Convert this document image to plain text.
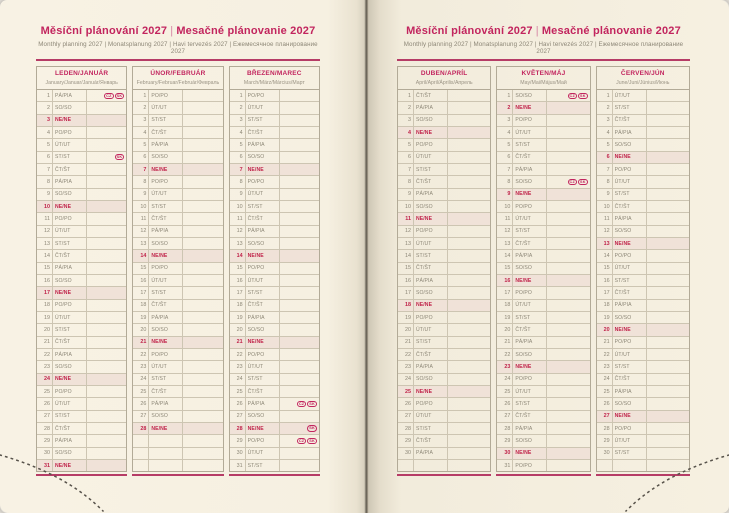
Měsíční plánování 2027 | Mesačné plánovanie 2027
Monthly planning 2027 | Monatsplanung 2027 | Havi tervezés 2027 | Ежемесячное планирование 2027
LEDEN/JANUÁR
January/Januar/Január/Январь
1 PÁ/PIA	CZ	SK
2 SO/SO
3 NE/NE
4 PO/PO
5 ÚT/UT
6 ST/ST	SK
7 ČT/ŠT
8 PÁ/PIA
9 SO/SO
10 NE/NE
11 PO/PO
12 ÚT/UT
13 ST/ST
14 ČT/ŠT
15 PÁ/PIA
16 SO/SO
17 NE/NE
18 PO/PO
19 ÚT/UT
20 ST/ST
21 ČT/ŠT
22 PÁ/PIA
23 SO/SO
24 NE/NE
25 PO/PO
26 ÚT/UT
27 ST/ST
28 ČT/ŠT
29 PÁ/PIA
30 SO/SO
31 NE/NE
ÚNOR/FEBRUÁR
February/Februar/Február/Февраль
1 PO/PO
2 ÚT/UT
3 ST/ST
4 ČT/ŠT
5 PÁ/PIA
6 SO/SO
7 NE/NE
8 PO/PO
9 ÚT/UT
10 ST/ST
11 ČT/ŠT
12 PÁ/PIA
13 SO/SO
14 NE/NE
15 PO/PO
16 ÚT/UT
17 ST/ST
18 ČT/ŠT
19 PÁ/PIA
20 SO/SO
21 NE/NE
22 PO/PO
23 ÚT/UT
24 ST/ST
25 ČT/ŠT
26 PÁ/PIA
27 SO/SO
28 NE/NE
BŘEZEN/MAREC
March/März/Március/Март
1 PO/PO
2 ÚT/UT
3 ST/ST
4 ČT/ŠT
5 PÁ/PIA
6 SO/SO
7 NE/NE
8 PO/PO
9 ÚT/UT
10 ST/ST
11 ČT/ŠT
12 PÁ/PIA
13 SO/SO
14 NE/NE
15 PO/PO
16 ÚT/UT
17 ST/ST
18 ČT/ŠT
19 PÁ/PIA
20 SO/SO
21 NE/NE
22 PO/PO
23 ÚT/UT
24 ST/ST
25 ČT/ŠT
26 PÁ/PIA	CZ	SK
27 SO/SO
28 NE/NE	SK
29 PO/PO	CZ	SK
30 ÚT/UT
31 ST/ST
Měsíční plánování 2027 | Mesačné plánovanie 2027
Monthly planning 2027 | Monatsplanung 2027 | Havi tervezés 2027 | Ежемесячное планирование 2027
DUBEN/APRÍL
April/April/Április/Апрель
1 ČT/ŠT
2 PÁ/PIA
3 SO/SO
4 NE/NE
5 PO/PO
6 ÚT/UT
7 ST/ST
8 ČT/ŠT
9 PÁ/PIA
10 SO/SO
11 NE/NE
12 PO/PO
13 ÚT/UT
14 ST/ST
15 ČT/ŠT
16 PÁ/PIA
17 SO/SO
18 NE/NE
19 PO/PO
20 ÚT/UT
21 ST/ST
22 ČT/ŠT
23 PÁ/PIA
24 SO/SO
25 NE/NE
26 PO/PO
27 ÚT/UT
28 ST/ST
29 ČT/ŠT
30 PÁ/PIA
KVĚTEN/MÁJ
May/Mai/Május/Май
1 SO/SO	CZ	SK
2 NE/NE
3 PO/PO
4 ÚT/UT
5 ST/ST
6 ČT/ŠT
7 PÁ/PIA
8 SO/SO	CZ	SK
9 NE/NE
10 PO/PO
11 ÚT/UT
12 ST/ST
13 ČT/ŠT
14 PÁ/PIA
15 SO/SO
16 NE/NE
17 PO/PO
18 ÚT/UT
19 ST/ST
20 ČT/ŠT
21 PÁ/PIA
22 SO/SO
23 NE/NE
24 PO/PO
25 ÚT/UT
26 ST/ST
27 ČT/ŠT
28 PÁ/PIA
29 SO/SO
30 NE/NE
31 PO/PO
ČERVEN/JÚN
June/Juni/Június/Июнь
1 ÚT/UT
2 ST/ST
3 ČT/ŠT
4 PÁ/PIA
5 SO/SO
6 NE/NE
7 PO/PO
8 ÚT/UT
9 ST/ST
10 ČT/ŠT
11 PÁ/PIA
12 SO/SO
13 NE/NE
14 PO/PO
15 ÚT/UT
16 ST/ST
17 ČT/ŠT
18 PÁ/PIA
19 SO/SO
20 NE/NE
21 PO/PO
22 ÚT/UT
23 ST/ST
24 ČT/ŠT
25 PÁ/PIA
26 SO/SO
27 NE/NE
28 PO/PO
29 ÚT/UT
30 ST/ST
